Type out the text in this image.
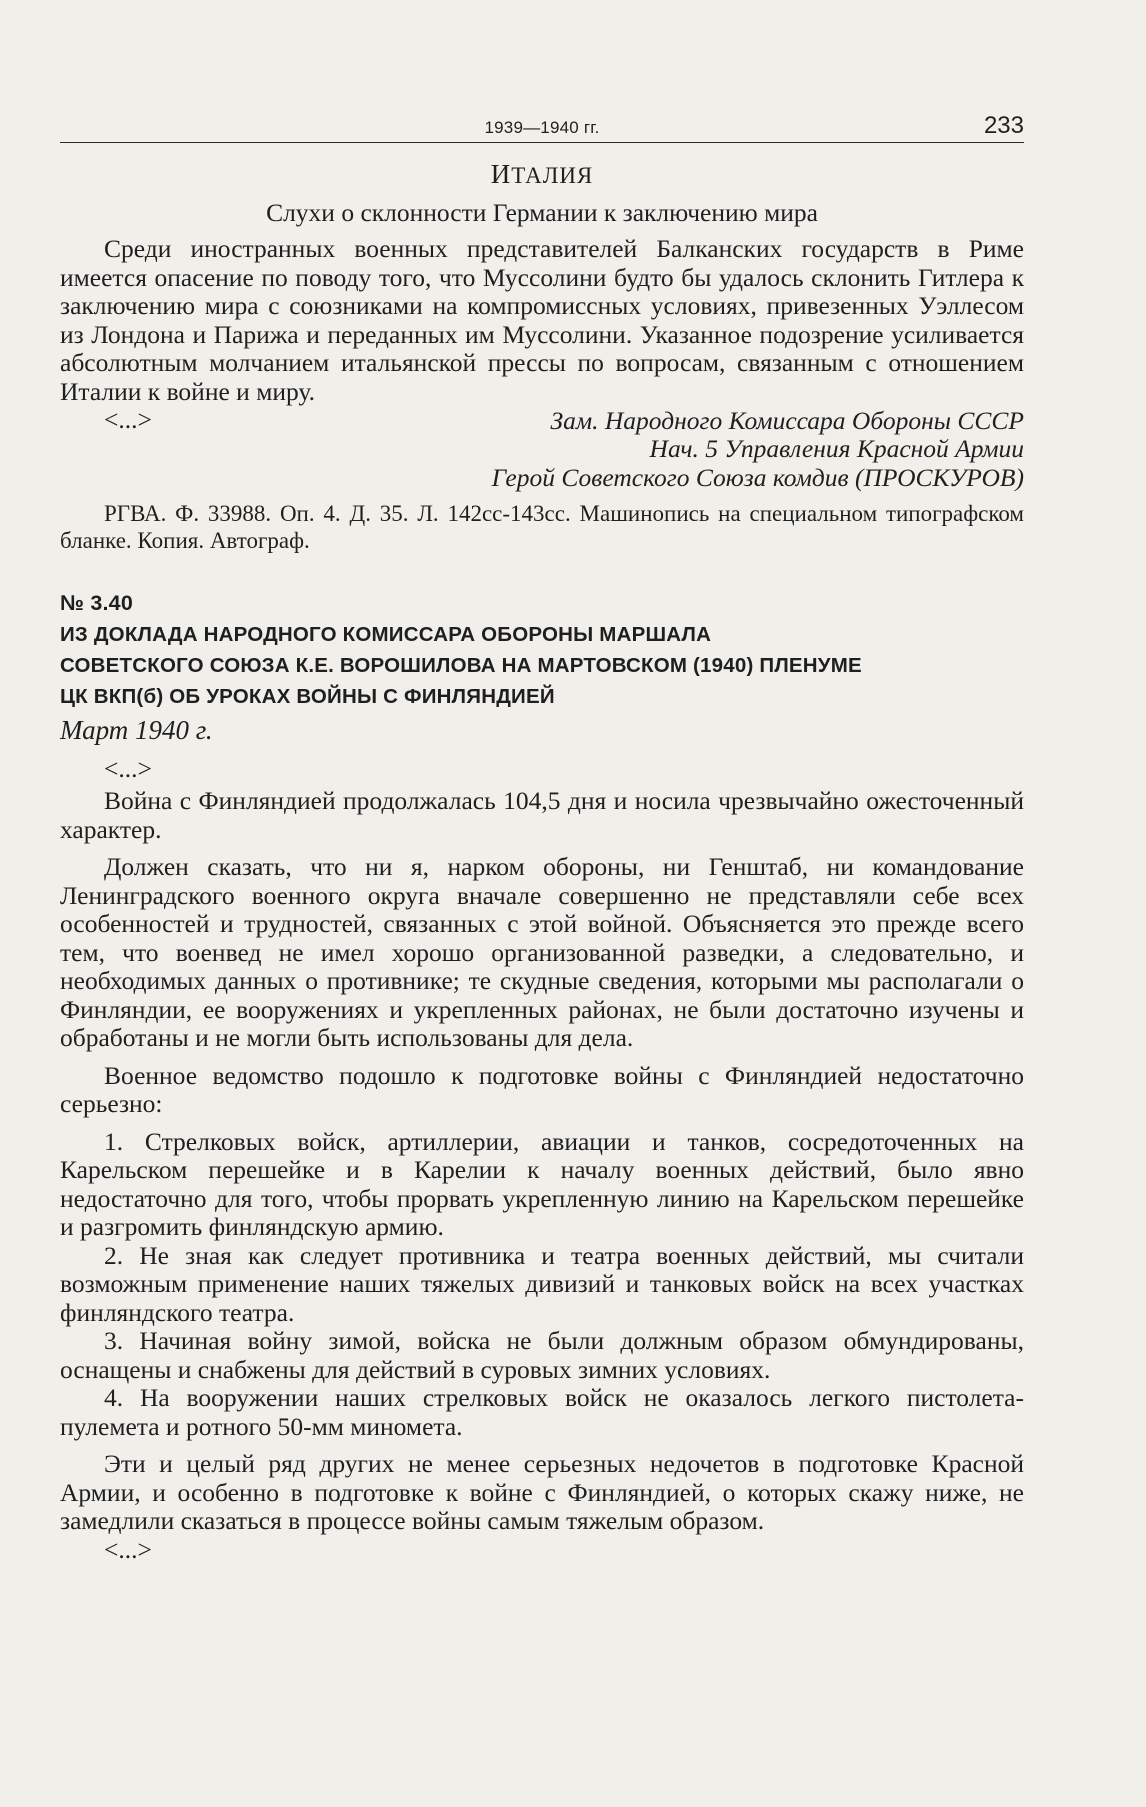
1939—1940 гг.	233

ИТАЛИЯ

Слухи о склонности Германии к заключению мира

Среди иностранных военных представителей Балканских государств в Риме имеется опасение по поводу того, что Муссолини будто бы удалось склонить Гитлера к заключению мира с союзниками на компромиссных условиях, привезенных Уэллесом из Лондона и Парижа и переданных им Муссолини. Указанное подозрение усиливается абсолютным молчанием итальянской прессы по вопросам, связанным с отношением Италии к войне и миру.

<...>	Зам. Народного Комиссара Обороны СССР

Нач. 5 Управления Красной Армии

Герой Советского Союза комдив (ПРОСКУРОВ)

РГВА. Ф. 33988. Оп. 4. Д. 35. Л. 142сс-143сс. Машинопись на специальном типографском бланке. Копия. Автограф.

№ 3.40

ИЗ ДОКЛАДА НАРОДНОГО КОМИССАРА ОБОРОНЫ МАРШАЛА

СОВЕТСКОГО СОЮЗА К.Е. ВОРОШИЛОВА НА МАРТОВСКОМ (1940) ПЛЕНУМЕ

ЦК ВКП(б) ОБ УРОКАХ ВОЙНЫ С ФИНЛЯНДИЕЙ

Март 1940 г.

<...>

Война с Финляндией продолжалась 104,5 дня и носила чрезвычайно ожесточенный характер.

Должен сказать, что ни я, нарком обороны, ни Генштаб, ни командование Ленинградского военного округа вначале совершенно не представляли себе всех особенностей и трудностей, связанных с этой войной. Объясняется это прежде всего тем, что военвед не имел хорошо организованной разведки, а следовательно, и необходимых данных о противнике; те скудные сведения, которыми мы располагали о Финляндии, ее вооружениях и укрепленных районах, не были достаточно изучены и обработаны и не могли быть использованы для дела.

Военное ведомство подошло к подготовке войны с Финляндией недостаточно серьезно:

1. Стрелковых войск, артиллерии, авиации и танков, сосредоточенных на Карельском перешейке и в Карелии к началу военных действий, было явно недостаточно для того, чтобы прорвать укрепленную линию на Карельском перешейке и разгромить финляндскую армию.

2. Не зная как следует противника и театра военных действий, мы считали возможным применение наших тяжелых дивизий и танковых войск на всех участках финляндского театра.

3. Начиная войну зимой, войска не были должным образом обмундированы, оснащены и снабжены для действий в суровых зимних условиях.

4. На вооружении наших стрелковых войск не оказалось легкого пистолета-пулемета и ротного 50-мм миномета.

Эти и целый ряд других не менее серьезных недочетов в подготовке Красной Армии, и особенно в подготовке к войне с Финляндией, о которых скажу ниже, не замедлили сказаться в процессе войны самым тяжелым образом.

<...>
